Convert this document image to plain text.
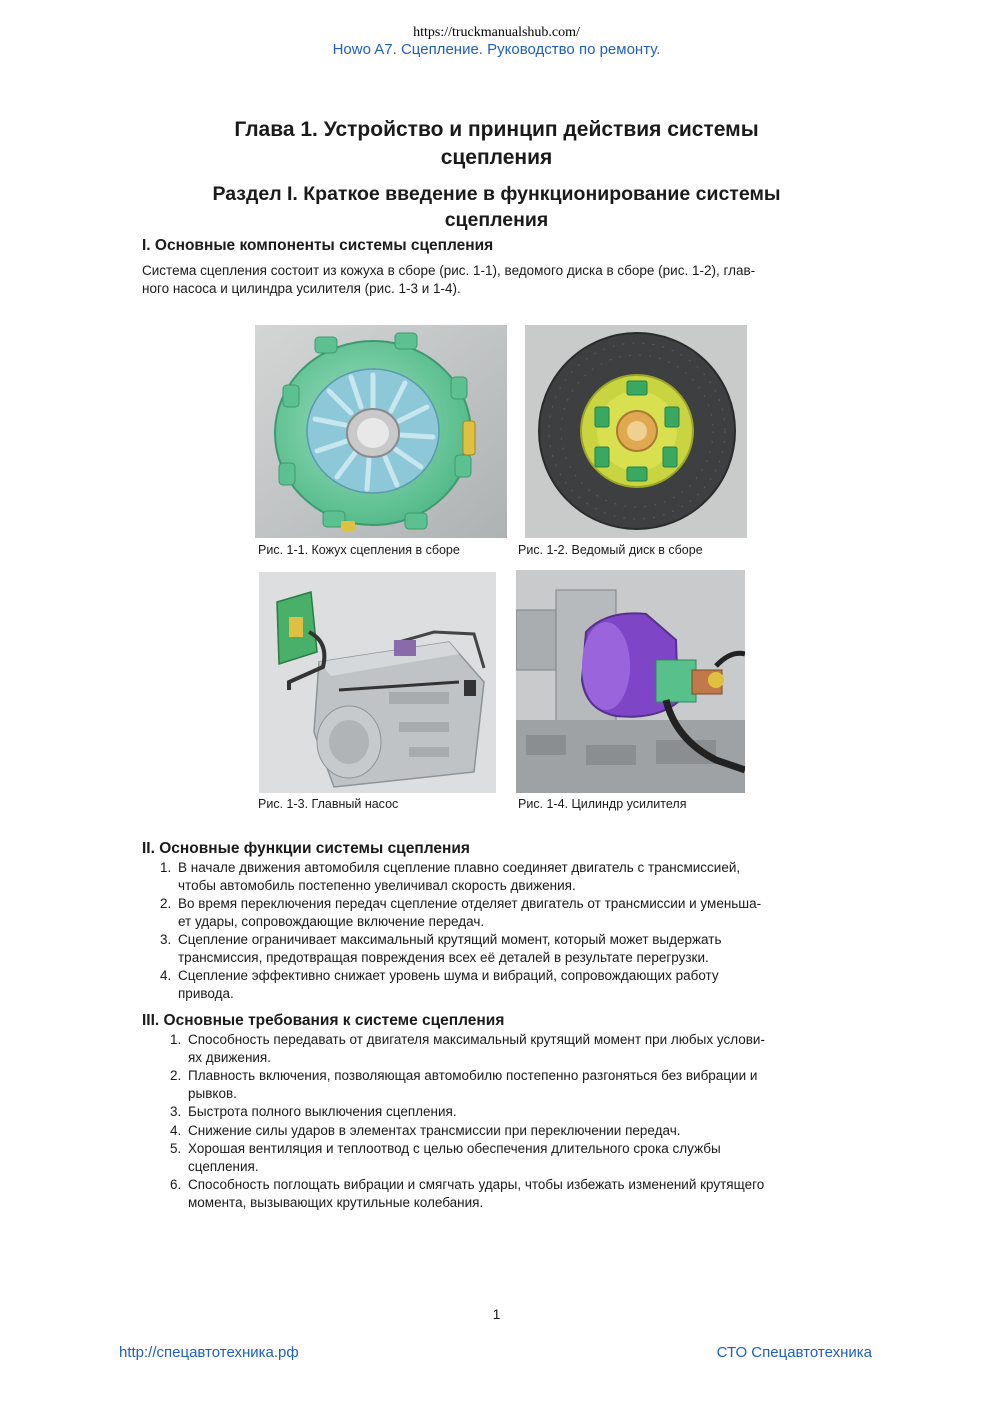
https://truckmanualshub.com/
Howo A7. Сцепление. Руководство по ремонту.
Глава 1. Устройство и принцип действия системы
сцепления
Раздел I. Краткое введение в функционирование системы
сцепления
I. Основные компоненты системы сцепления
Система сцепления состоит из кожуха в сборе (рис. 1-1), ведомого диска в сборе (рис. 1-2), глав-
ного насоса и цилиндра усилителя (рис. 1-3 и 1-4).
Рис. 1-1. Кожух сцепления в сборе	Рис. 1-2. Ведомый диск в сборе
Рис. 1-3. Главный насос	Рис. 1-4. Цилиндр усилителя
II. Основные функции системы сцепления
1. В начале движения автомобиля сцепление плавно соединяет двигатель с трансмиссией,
чтобы автомобиль постепенно увеличивал скорость движения.
2. Во время переключения передач сцепление отделяет двигатель от трансмиссии и уменьша-
ет удары, сопровождающие включение передач.
3. Сцепление ограничивает максимальный крутящий момент, который может выдержать
трансмиссия, предотвращая повреждения всех её деталей в результате перегрузки.
4. Сцепление эффективно снижает уровень шума и вибраций, сопровождающих работу
привода.
III. Основные требования к системе сцепления
1. Способность передавать от двигателя максимальный крутящий момент при любых услови-
ях движения.
2. Плавность включения, позволяющая автомобилю постепенно разгоняться без вибрации и
рывков.
3. Быстрота полного выключения сцепления.
4. Снижение силы ударов в элементах трансмиссии при переключении передач.
5. Хорошая вентиляция и теплоотвод с целью обеспечения длительного срока службы
сцепления.
6. Способность поглощать вибрации и смягчать удары, чтобы избежать изменений крутящего
момента, вызывающих крутильные колебания.
1
http://спецавтотехника.рф	СТО Спецавтотехника
